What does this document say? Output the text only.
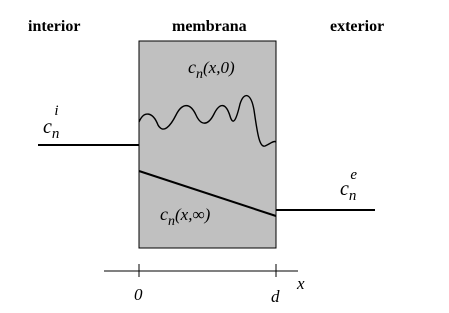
interior	membrana	exterior
$c_ni$
$c_ne$
$c_n(x,0)$
$c_n(x,\infty)$
0	d
x
